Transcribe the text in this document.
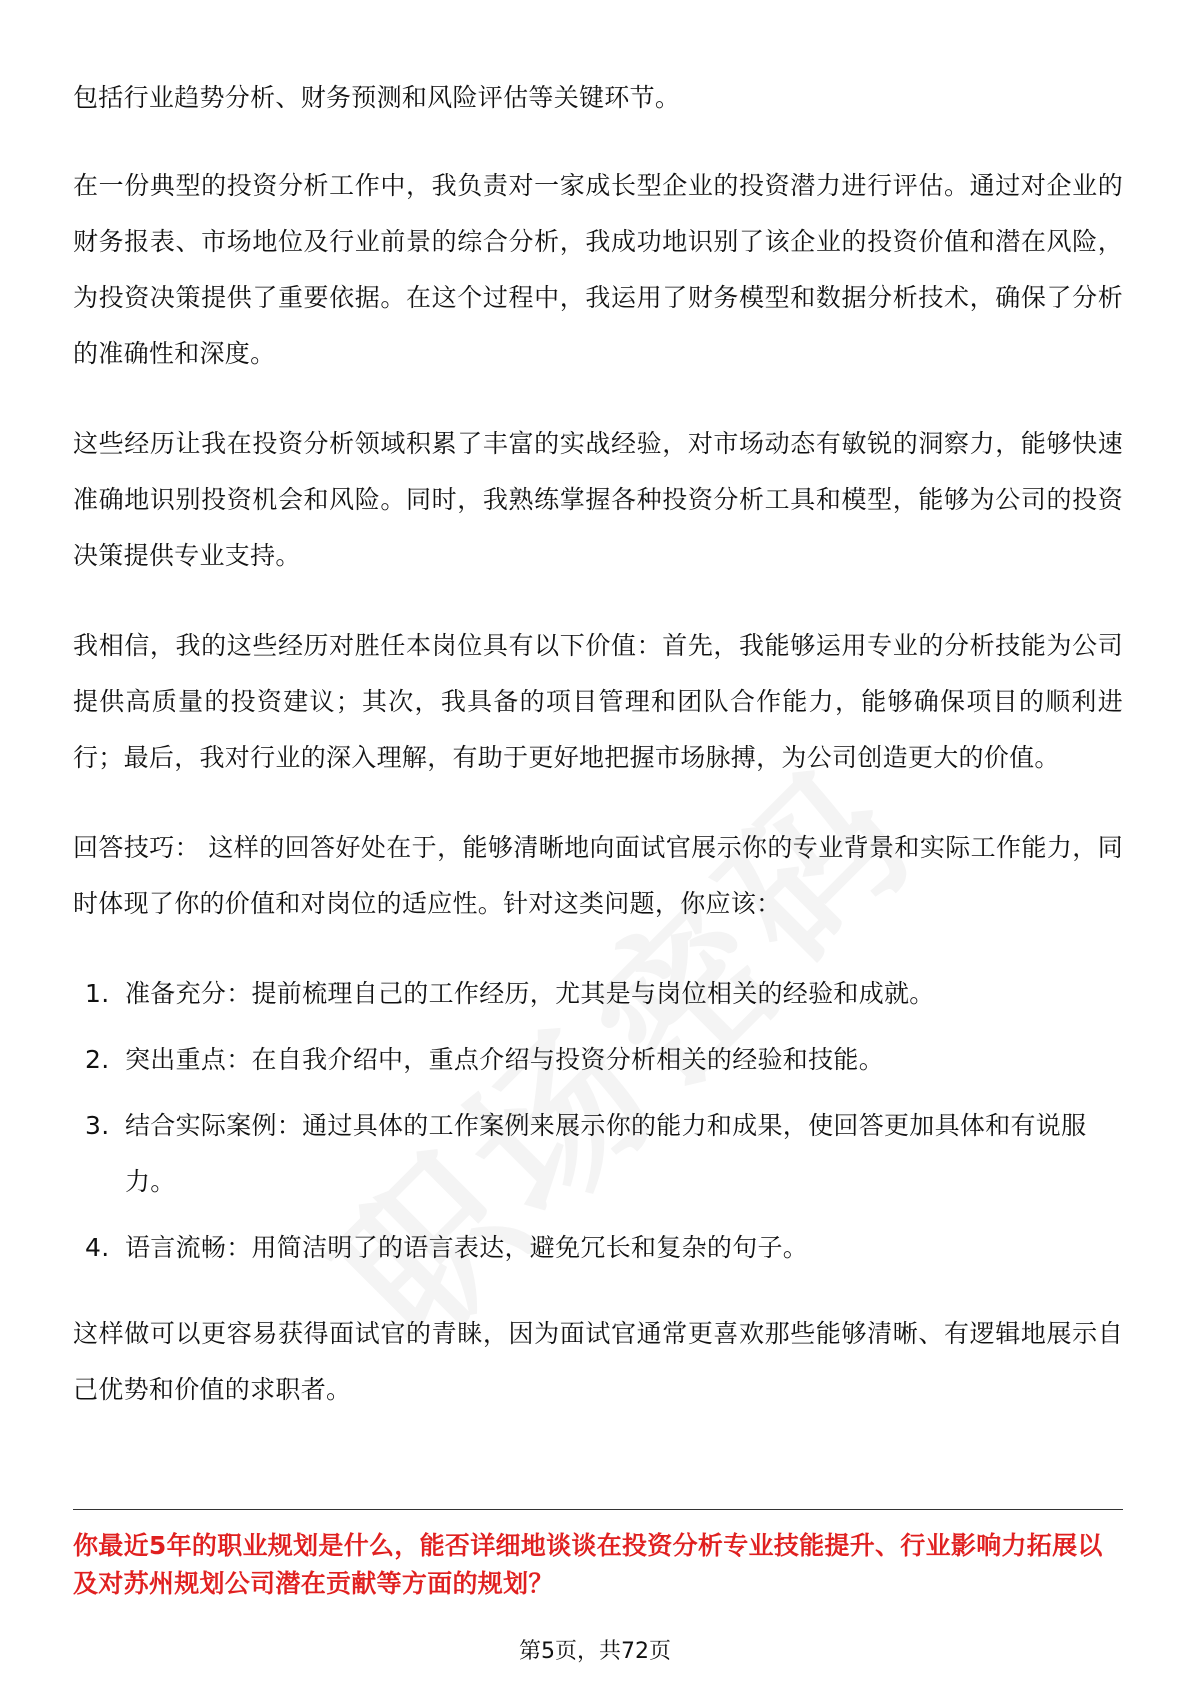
包括行业趋势分析、财务预测和风险评估等关键环节。

在一份典型的投资分析工作中，我负责对一家成长型企业的投资潜力进行评估。通过对企业的财务报表、市场地位及行业前景的综合分析，我成功地识别了该企业的投资价值和潜在风险，为投资决策提供了重要依据。在这个过程中，我运用了财务模型和数据分析技术，确保了分析的准确性和深度。

这些经历让我在投资分析领域积累了丰富的实战经验，对市场动态有敏锐的洞察力，能够快速准确地识别投资机会和风险。同时，我熟练掌握各种投资分析工具和模型，能够为公司的投资决策提供专业支持。

我相信，我的这些经历对胜任本岗位具有以下价值：首先，我能够运用专业的分析技能为公司提供高质量的投资建议；其次，我具备的项目管理和团队合作能力，能够确保项目的顺利进行；最后，我对行业的深入理解，有助于更好地把握市场脉搏，为公司创造更大的价值。

回答技巧： 这样的回答好处在于，能够清晰地向面试官展示你的专业背景和实际工作能力，同时体现了你的价值和对岗位的适应性。针对这类问题，你应该：

1. 准备充分：提前梳理自己的工作经历，尤其是与岗位相关的经验和成就。
2. 突出重点：在自我介绍中，重点介绍与投资分析相关的经验和技能。
3. 结合实际案例：通过具体的工作案例来展示你的能力和成果，使回答更加具体和有说服力。
4. 语言流畅：用简洁明了的语言表达，避免冗长和复杂的句子。

这样做可以更容易获得面试官的青睐，因为面试官通常更喜欢那些能够清晰、有逻辑地展示自己优势和价值的求职者。

你最近5年的职业规划是什么，能否详细地谈谈在投资分析专业技能提升、行业影响力拓展以及对苏州规划公司潜在贡献等方面的规划？
第5页，共72页
